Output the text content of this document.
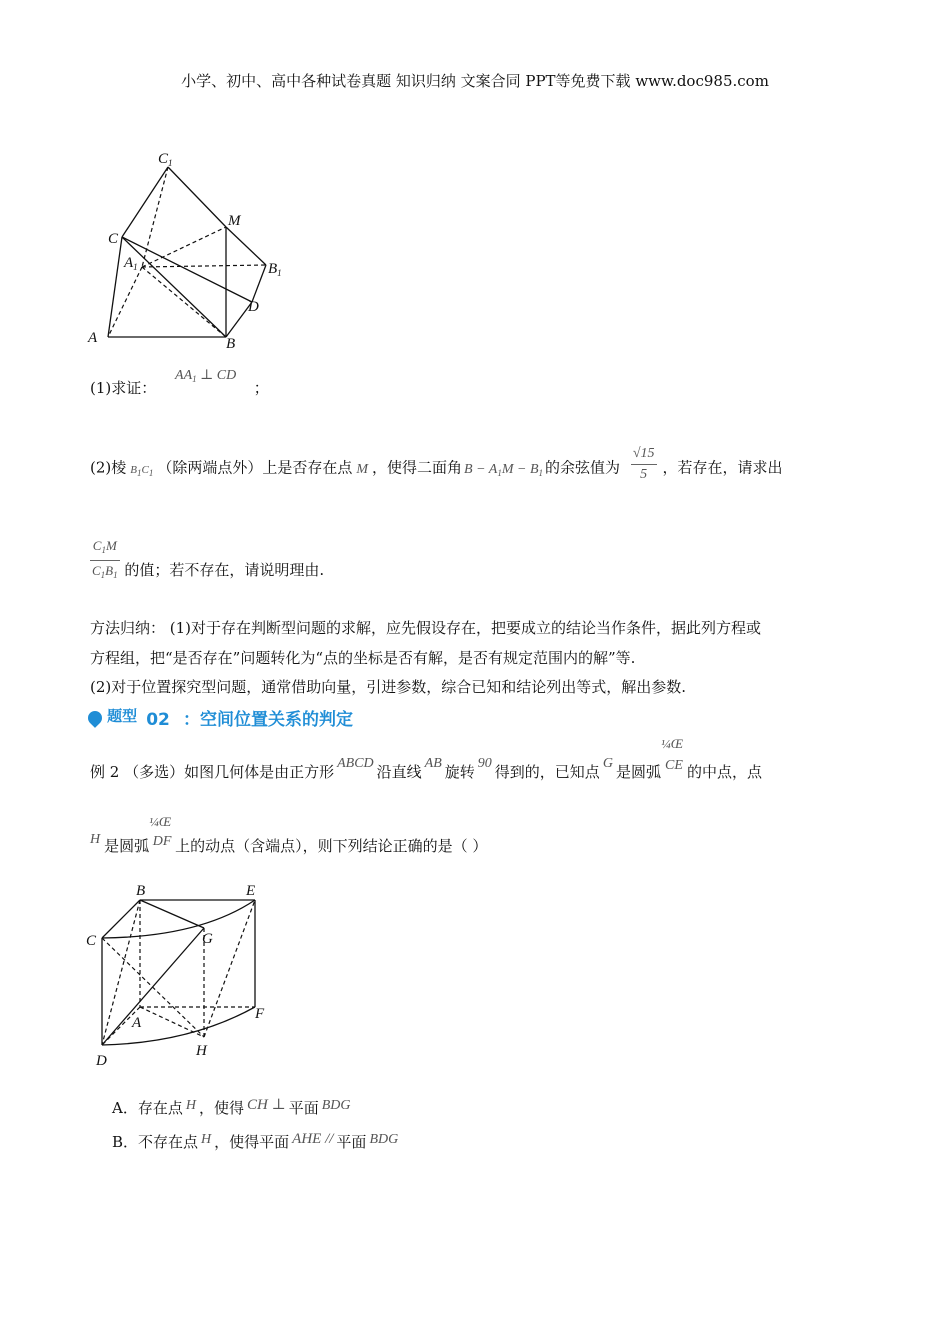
小学、初中、高中各种试卷真题 知识归纳 文案合同 PPT等免费下载 www.doc985.com
$C_1$
M
C
$A_1$	$B_1$
D
A	B
(1)求证： $AA_1$ ⊥ CD ；
(2)棱 $B_1C_1$ （除两端点外）上是否存在点 M ，使得二面角 $B - A_1M - B_1$ 的余弦值为 $\frac{√15}{5}$ ，若存在，请求出
$\frac{C_1M}{C_1B_1}$ 的值；若不存在，请说明理由.
方法归纳： (1)对于存在判断型问题的求解，应先假设存在，把要成立的结论当作条件，据此列方程或
方程组，把“是否存在”问题转化为“点的坐标是否有解，是否有规定范围内的解”等.
(2)对于位置探究型问题，通常借助向量，引进参数，综合已知和结论列出等式，解出参数.
题型 02 ：空间位置关系的判定
例 2 （多选）如图几何体是由正方形 ABCD 沿直线 AB 旋转 90 得到的，已知点 G 是圆弧
¼Œ
CE 的中点，点
H 是圆弧
¼Œ
DF 上的动点（含端点），则下列结论正确的是（ ）
B	E
C	G
A
F
D
H
A．存在点 H ，使得 CH ⊥ 平面 BDG
B．不存在点 H ，使得平面 AHE // 平面 BDG
